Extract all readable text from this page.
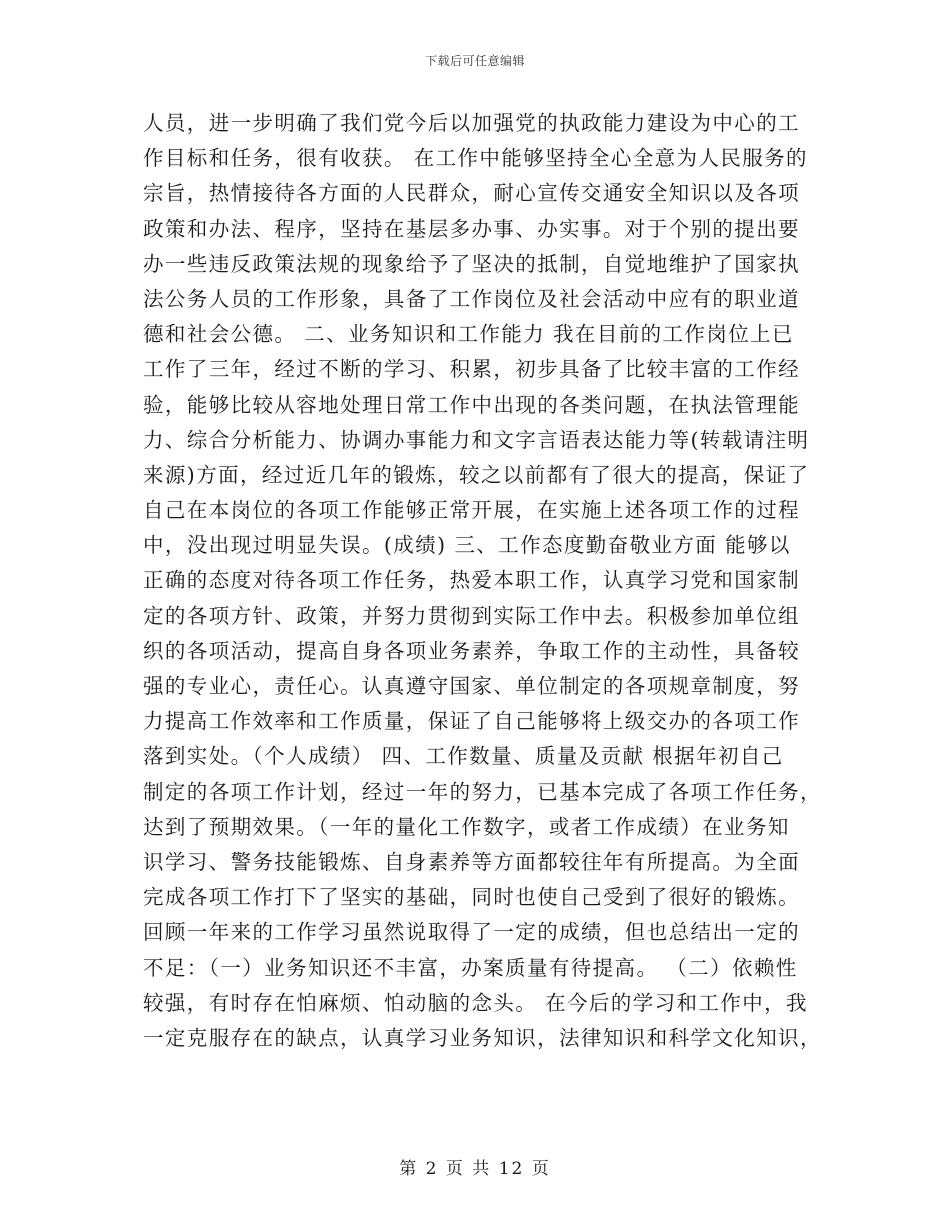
下载后可任意编辑
人员，进一步明确了我们党今后以加强党的执政能力建设为中心的工
作目标和任务，很有收获。 在工作中能够坚持全心全意为人民服务的
宗旨，热情接待各方面的人民群众，耐心宣传交通安全知识以及各项
政策和办法、程序，坚持在基层多办事、办实事。对于个别的提出要
办一些违反政策法规的现象给予了坚决的抵制，自觉地维护了国家执
法公务人员的工作形象，具备了工作岗位及社会活动中应有的职业道
德和社会公德。 二、业务知识和工作能力 我在目前的工作岗位上已
工作了三年，经过不断的学习、积累，初步具备了比较丰富的工作经
验，能够比较从容地处理日常工作中出现的各类问题，在执法管理能
力、综合分析能力、协调办事能力和文字言语表达能力等(转载请注明
来源)方面，经过近几年的锻炼，较之以前都有了很大的提高，保证了
自己在本岗位的各项工作能够正常开展，在实施上述各项工作的过程
中，没出现过明显失误。(成绩) 三、工作态度勤奋敬业方面 能够以
正确的态度对待各项工作任务，热爱本职工作，认真学习党和国家制
定的各项方针、政策，并努力贯彻到实际工作中去。积极参加单位组
织的各项活动，提高自身各项业务素养，争取工作的主动性，具备较
强的专业心，责任心。认真遵守国家、单位制定的各项规章制度，努
力提高工作效率和工作质量，保证了自己能够将上级交办的各项工作
落到实处。（个人成绩） 四、工作数量、质量及贡献 根据年初自己
制定的各项工作计划，经过一年的努力，已基本完成了各项工作任务，
达到了预期效果。（一年的量化工作数字，或者工作成绩）在业务知
识学习、警务技能锻炼、自身素养等方面都较往年有所提高。为全面
完成各项工作打下了坚实的基础，同时也使自己受到了很好的锻炼。
回顾一年来的工作学习虽然说取得了一定的成绩，但也总结出一定的
不足：（一）业务知识还不丰富，办案质量有待提高。 （二）依赖性
较强，有时存在怕麻烦、怕动脑的念头。 在今后的学习和工作中，我
一定克服存在的缺点，认真学习业务知识，法律知识和科学文化知识，
第 2 页 共 12 页
